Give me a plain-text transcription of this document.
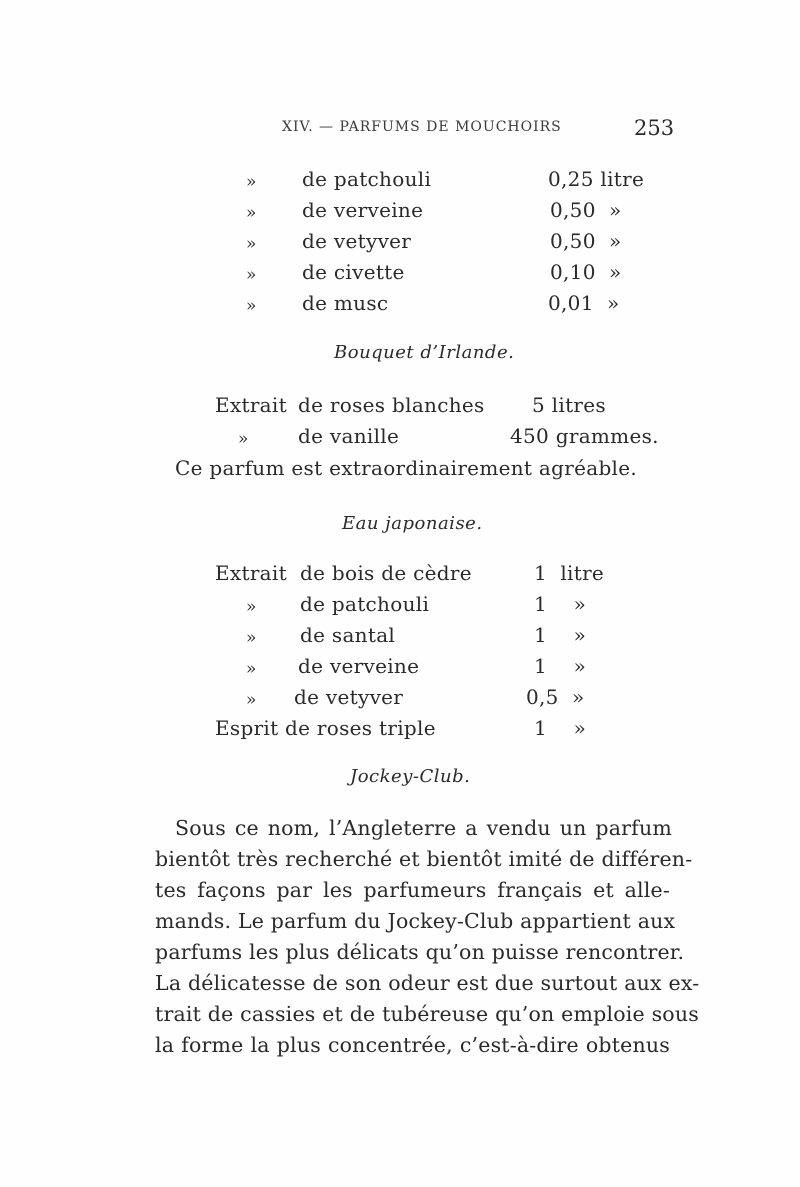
XIV. — PARFUMS DE MOUCHOIRS	253
» de patchouli	0,25 litre
» de verveine	0,50  »
» de vetyver	0,50  »
» de civette	0,10  »
» de musc	0,01  »
Bouquet d’Irlande.
Extrait de roses blanches 5 litres
» de vanille	450 grammes.
Ce parfum est extraordinairement agréable.
Eau japonaise.
Extrait de bois de cèdre	1  litre
» de patchouli	1    »
» de santal	1    »
» de verveine	1    »
» de vetyver	0,5  »
Esprit de roses triple	1    »
Jockey-Club.
Sous ce nom, l’Angleterre a vendu un parfum
bientôt très recherché et bientôt imité de différen-
tes façons par les parfumeurs français et alle-
mands. Le parfum du Jockey-Club appartient aux
parfums les plus délicats qu’on puisse rencontrer.
La délicatesse de son odeur est due surtout aux ex-
trait de cassies et de tubéreuse qu’on emploie sous
la forme la plus concentrée, c’est-à-dire obtenus
